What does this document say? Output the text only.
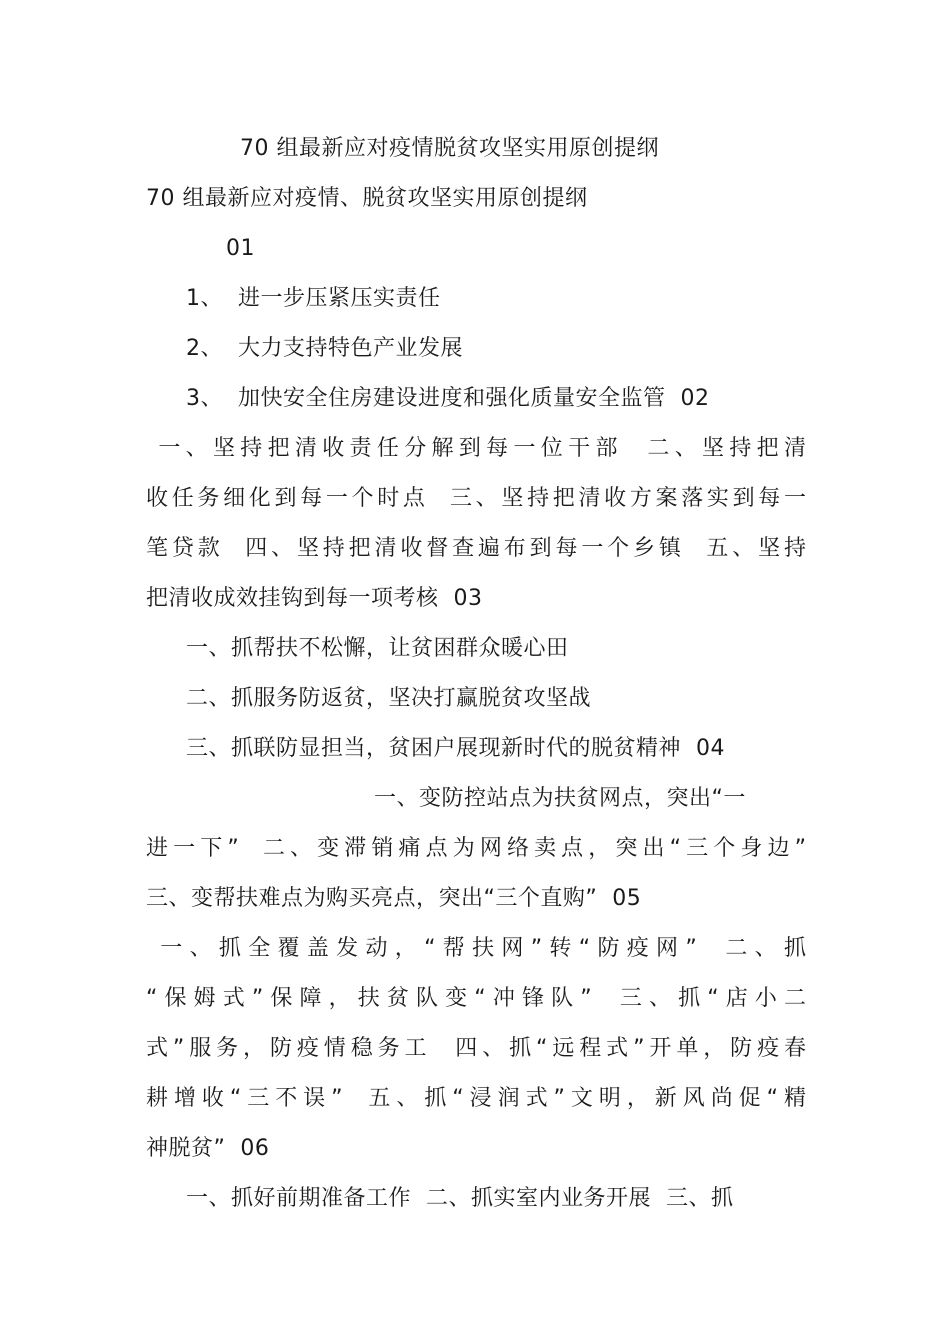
70 组最新应对疫情脱贫攻坚实用原创提纲
70 组最新应对疫情、脱贫攻坚实用原创提纲
01
1、  进一步压紧压实责任
2、  大力支持特色产业发展
3、  加快安全住房建设进度和强化质量安全监管  02
一、坚持把清收责任分解到每一位干部  二、坚持把清
收任务细化到每一个时点  三、坚持把清收方案落实到每一
笔贷款  四、坚持把清收督查遍布到每一个乡镇  五、坚持
把清收成效挂钩到每一项考核  03
一、抓帮扶不松懈，让贫困群众暖心田
二、抓服务防返贫，坚决打赢脱贫攻坚战
三、抓联防显担当，贫困户展现新时代的脱贫精神  04
一、变防控站点为扶贫网点，突出“一
进一下”  二、变滞销痛点为网络卖点，突出“三个身边”
三、变帮扶难点为购买亮点，突出“三个直购”  05
一、抓全覆盖发动，“帮扶网”转“防疫网”  二、抓
“保姆式”保障，扶贫队变“冲锋队”  三、抓“店小二
式”服务，防疫情稳务工  四、抓“远程式”开单，防疫春
耕增收“三不误”  五、抓“浸润式”文明，新风尚促“精
神脱贫”  06
一、抓好前期准备工作  二、抓实室内业务开展  三、抓
